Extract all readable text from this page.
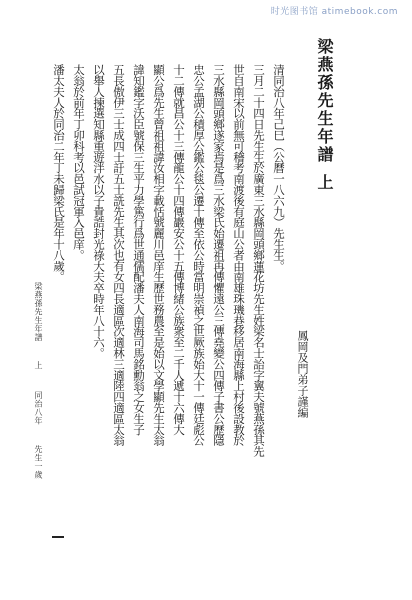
时光图书馆 atimebook.com
梁燕孫先生年譜上
鳳岡及門弟子謹編
清同治八年己巳（公曆一八六九）先生生。
三月二十四日先生生於廣東三水縣岡頭鄉蓮花坊先生姓梁名士詒字翼夫號燕孫其先
世自南宋以前無可稽考南渡後有庭山公者由南雄珠璣巷移居南海縣上村後設教於
三水縣岡頭鄉遂家焉是爲三水梁氏始遷祖再傳懼遠公三傳堯變公四傳子書公歷隱
忠公孟湖公積厚公鑑公毯公遷十傳至依公時當明崇禎之世厥族始大十一傳廷彪公
十二傳就昌公十三傳龍公十四傳巖安公十五傳博緒公族衆至二千人遞十六傳大
顯公爲先生曾祖祖諱汝相字載恬號麗川邑庠生歷世務農至是始以文學顯先生太翁
諱知鑑字沃臣號保三生平力學篤行爲世通儒配潘夫人南海司馬銘勳翁之女生子
五長傲伊三士成四士訏五士詵先生其次也有女四長適區次適林三適陸四適區太翁
以舉人揀選知縣重遊泮水以子貴誥封光祿大夫卒時年八十六。
太翁於前年丁卯科考以邑試冠軍入邑庠。
潘太夫人於同治二年丁未歸梁氏是年十八歲。
梁燕孫先生年譜 上 同治八年 先生一歲
